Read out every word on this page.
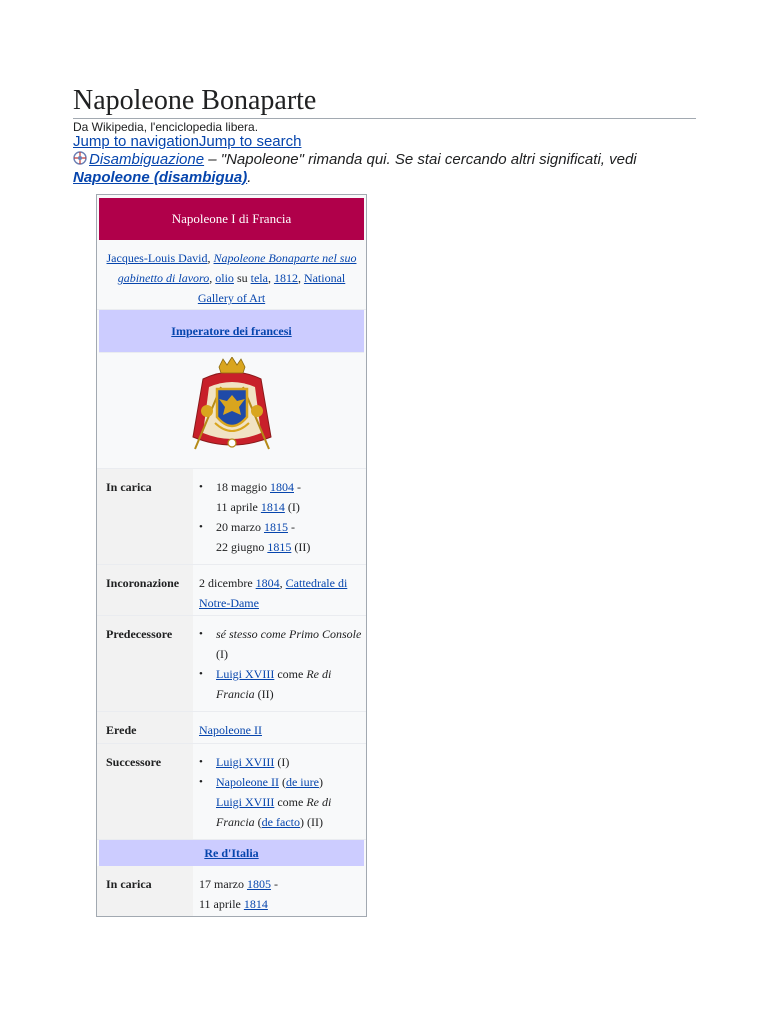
Napoleone Bonaparte
Da Wikipedia, l'enciclopedia libera.
Jump to navigationJump to search
Disambiguazione – "Napoleone" rimanda qui. Se stai cercando altri significati, vedi Napoleone (disambigua).
Napoleone I di Francia
Jacques-Louis David, Napoleone Bonaparte nel suo gabinetto di lavoro, olio su tela, 1812, National Gallery of Art
Imperatore dei francesi
In carica	• 18 maggio 1804 -
11 aprile 1814 (I)
• 20 marzo 1815 -
22 giugno 1815 (II)
Incoronazione	2 dicembre 1804, Cattedrale di Notre-Dame
Predecessore	• sé stesso come Primo Console (I)
• Luigi XVIII come Re di Francia (II)
Erede	Napoleone II
Successore	• Luigi XVIII (I)
• Napoleone II (de iure)
Luigi XVIII come Re di Francia (de facto) (II)
Re d'Italia
In carica	17 marzo 1805 -
11 aprile 1814
